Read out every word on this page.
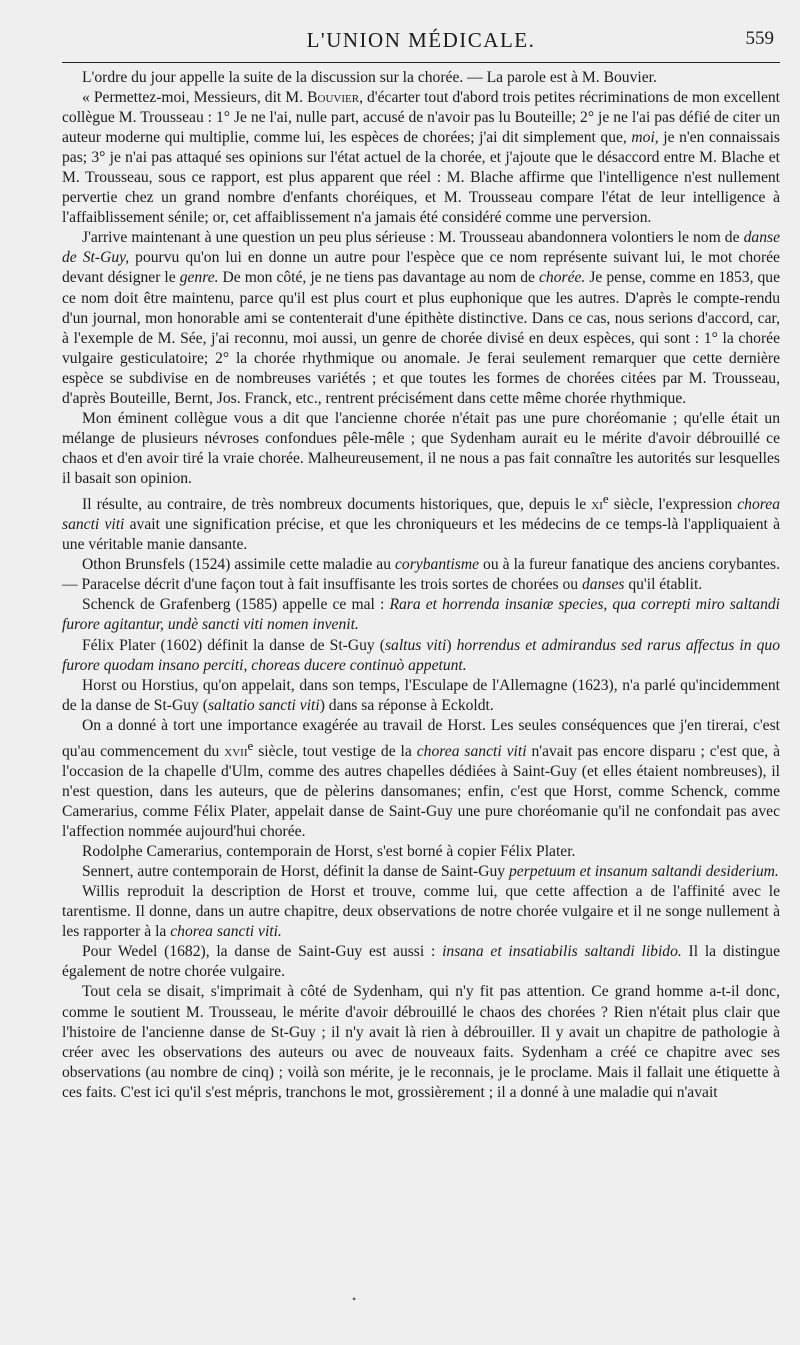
L'UNION MÉDICALE.	559

L'ordre du jour appelle la suite de la discussion sur la chorée. — La parole est à M. Bouvier.

« Permettez-moi, Messieurs, dit M. Bouvier, d'écarter tout d'abord trois petites récriminations de mon excellent collègue M. Trousseau : 1° Je ne l'ai, nulle part, accusé de n'avoir pas lu Bouteille; 2° je ne l'ai pas défié de citer un auteur moderne qui multiplie, comme lui, les espèces de chorées; j'ai dit simplement que, moi, je n'en connaissais pas; 3° je n'ai pas attaqué ses opinions sur l'état actuel de la chorée, et j'ajoute que le désaccord entre M. Blache et M. Trousseau, sous ce rapport, est plus apparent que réel : M. Blache affirme que l'intelligence n'est nullement pervertie chez un grand nombre d'enfants choréiques, et M. Trousseau compare l'état de leur intelligence à l'affaiblissement sénile; or, cet affaiblissement n'a jamais été considéré comme une perversion.

J'arrive maintenant à une question un peu plus sérieuse : M. Trousseau abandonnera volontiers le nom de danse de St-Guy, pourvu qu'on lui en donne un autre pour l'espèce que ce nom représente suivant lui, le mot chorée devant désigner le genre. De mon côté, je ne tiens pas davantage au nom de chorée. Je pense, comme en 1853, que ce nom doit être maintenu, parce qu'il est plus court et plus euphonique que les autres. D'après le compte-rendu d'un journal, mon honorable ami se contenterait d'une épithète distinctive. Dans ce cas, nous serions d'accord, car, à l'exemple de M. Sée, j'ai reconnu, moi aussi, un genre de chorée divisé en deux espèces, qui sont : 1° la chorée vulgaire gesticulatoire; 2° la chorée rhythmique ou anomale. Je ferai seulement remarquer que cette dernière espèce se subdivise en de nombreuses variétés ; et que toutes les formes de chorées citées par M. Trousseau, d'après Bouteille, Bernt, Jos. Franck, etc., rentrent précisément dans cette même chorée rhythmique.

Mon éminent collègue vous a dit que l'ancienne chorée n'était pas une pure choréomanie ; qu'elle était un mélange de plusieurs névroses confondues pêle-mêle ; que Sydenham aurait eu le mérite d'avoir débrouillé ce chaos et d'en avoir tiré la vraie chorée. Malheureusement, il ne nous a pas fait connaître les autorités sur lesquelles il basait son opinion.

Il résulte, au contraire, de très nombreux documents historiques, que, depuis le $xi^e$ siècle, l'expression chorea sancti viti avait une signification précise, et que les chroniqueurs et les médecins de ce temps-là l'appliquaient à une véritable manie dansante.

Othon Brunsfels (1524) assimile cette maladie au corybantisme ou à la fureur fanatique des anciens corybantes. — Paracelse décrit d'une façon tout à fait insuffisante les trois sortes de chorées ou danses qu'il établit.

Schenck de Grafenberg (1585) appelle ce mal : Rara et horrenda insaniæ species, qua correpti miro saltandi furore agitantur, undè sancti viti nomen invenit.

Félix Plater (1602) définit la danse de St-Guy (saltus viti) horrendus et admirandus sed rarus affectus in quo furore quodam insano perciti, choreas ducere continuò appetunt.

Horst ou Horstius, qu'on appelait, dans son temps, l'Esculape de l'Allemagne (1623), n'a parlé qu'incidemment de la danse de St-Guy (saltatio sancti viti) dans sa réponse à Eckoldt.

On a donné à tort une importance exagérée au travail de Horst. Les seules conséquences que j'en tirerai, c'est qu'au commencement du xvii$^e$ siècle, tout vestige de la chorea sancti viti n'avait pas encore disparu ; c'est que, à l'occasion de la chapelle d'Ulm, comme des autres chapelles dédiées à Saint-Guy (et elles étaient nombreuses), il n'est question, dans les auteurs, que de pèlerins dansomanes; enfin, c'est que Horst, comme Schenck, comme Camerarius, comme Félix Plater, appelait danse de Saint-Guy une pure choréomanie qu'il ne confondait pas avec l'affection nommée aujourd'hui chorée.

Rodolphe Camerarius, contemporain de Horst, s'est borné à copier Félix Plater.

Sennert, autre contemporain de Horst, définit la danse de Saint-Guy perpetuum et insanum saltandi desiderium.

Willis reproduit la description de Horst et trouve, comme lui, que cette affection a de l'affinité avec le tarentisme. Il donne, dans un autre chapitre, deux observations de notre chorée vulgaire et il ne songe nullement à les rapporter à la chorea sancti viti.

Pour Wedel (1682), la danse de Saint-Guy est aussi : insana et insatiabilis saltandi libido. Il la distingue également de notre chorée vulgaire.

Tout cela se disait, s'imprimait à côté de Sydenham, qui n'y fit pas attention. Ce grand homme a-t-il donc, comme le soutient M. Trousseau, le mérite d'avoir débrouillé le chaos des chorées ? Rien n'était plus clair que l'histoire de l'ancienne danse de St-Guy ; il n'y avait là rien à débrouiller. Il y avait un chapitre de pathologie à créer avec les observations des auteurs ou avec de nouveaux faits. Sydenham a créé ce chapitre avec ses observations (au nombre de cinq) ; voilà son mérite, je le reconnais, je le proclame. Mais il fallait une étiquette à ces faits. C'est ici qu'il s'est mépris, tranchons le mot, grossièrement ; il a donné à une maladie qui n'avait

•
